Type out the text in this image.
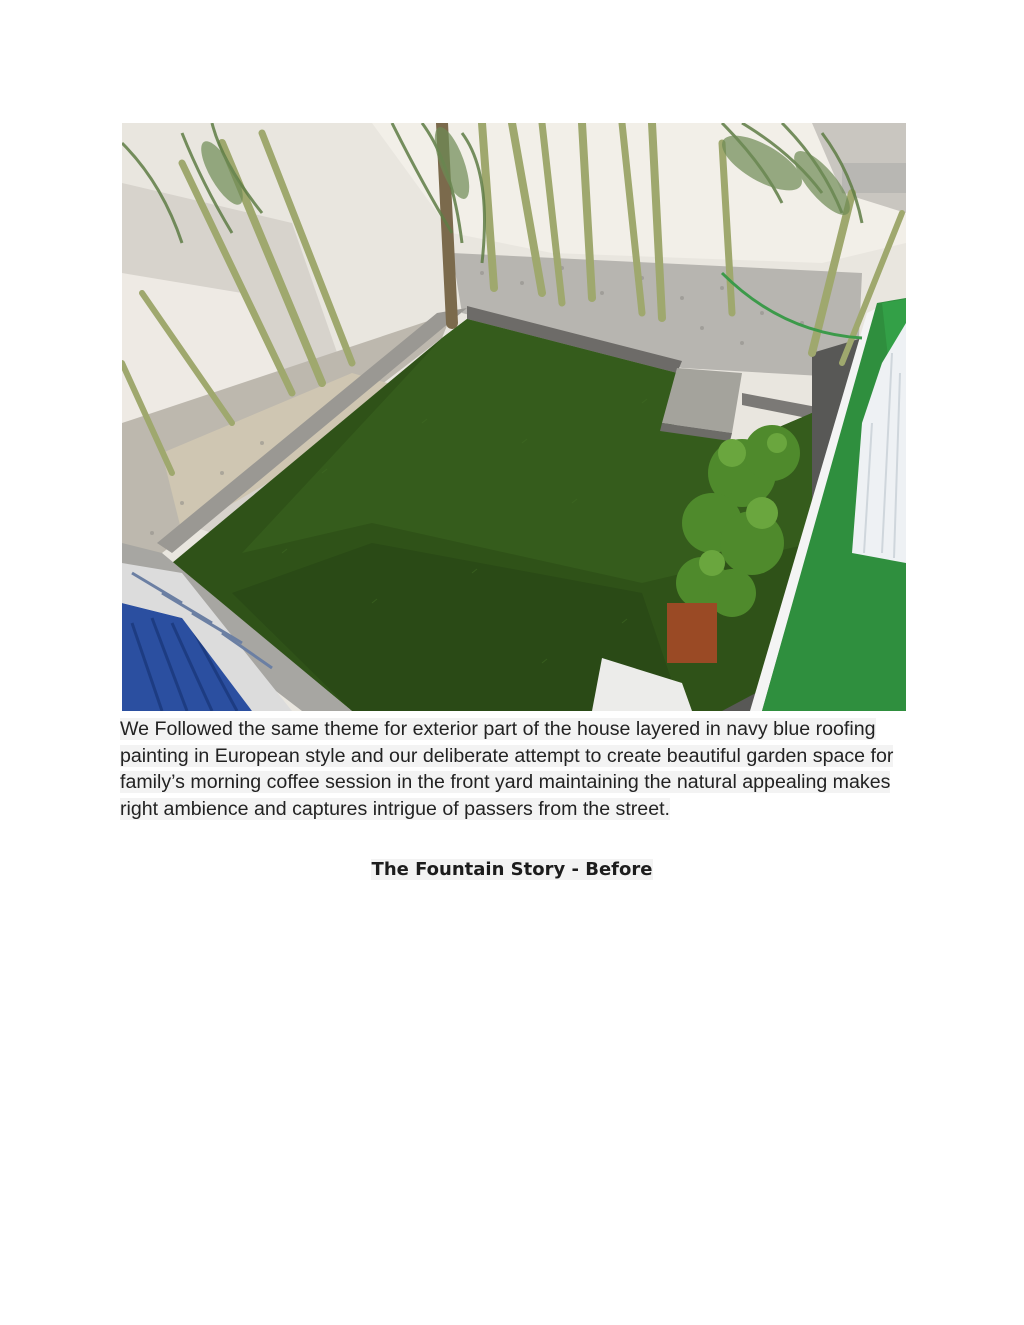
We Followed the same theme for exterior part of the house layered in navy blue roofing painting in European style and our deliberate attempt to create beautiful garden space for family’s morning coffee session in the front yard maintaining the natural appealing makes right ambience and captures intrigue of passers from the street.

The Fountain Story - Before
